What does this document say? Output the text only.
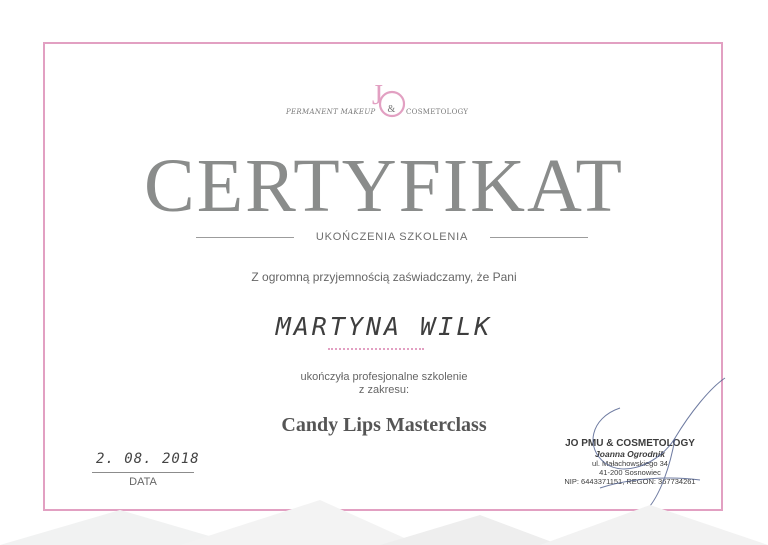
PERMANENT MAKEUP
J & COSMETOLOGY
CERTYFIKAT
UKOŃCZENIA SZKOLENIA
Z ogromną przyjemnością zaświadczamy, że Pani
MARTYNA WILK
ukończyła profesjonalne szkolenie
z zakresu:
Candy Lips Masterclass
2. 08. 2018
DATA
JO PMU & COSMETOLOGY
Joanna Ogrodnik
ul. Małachowskiego 34
41-200 Sosnowiec
NIP: 6443371151, REGON: 367734261
